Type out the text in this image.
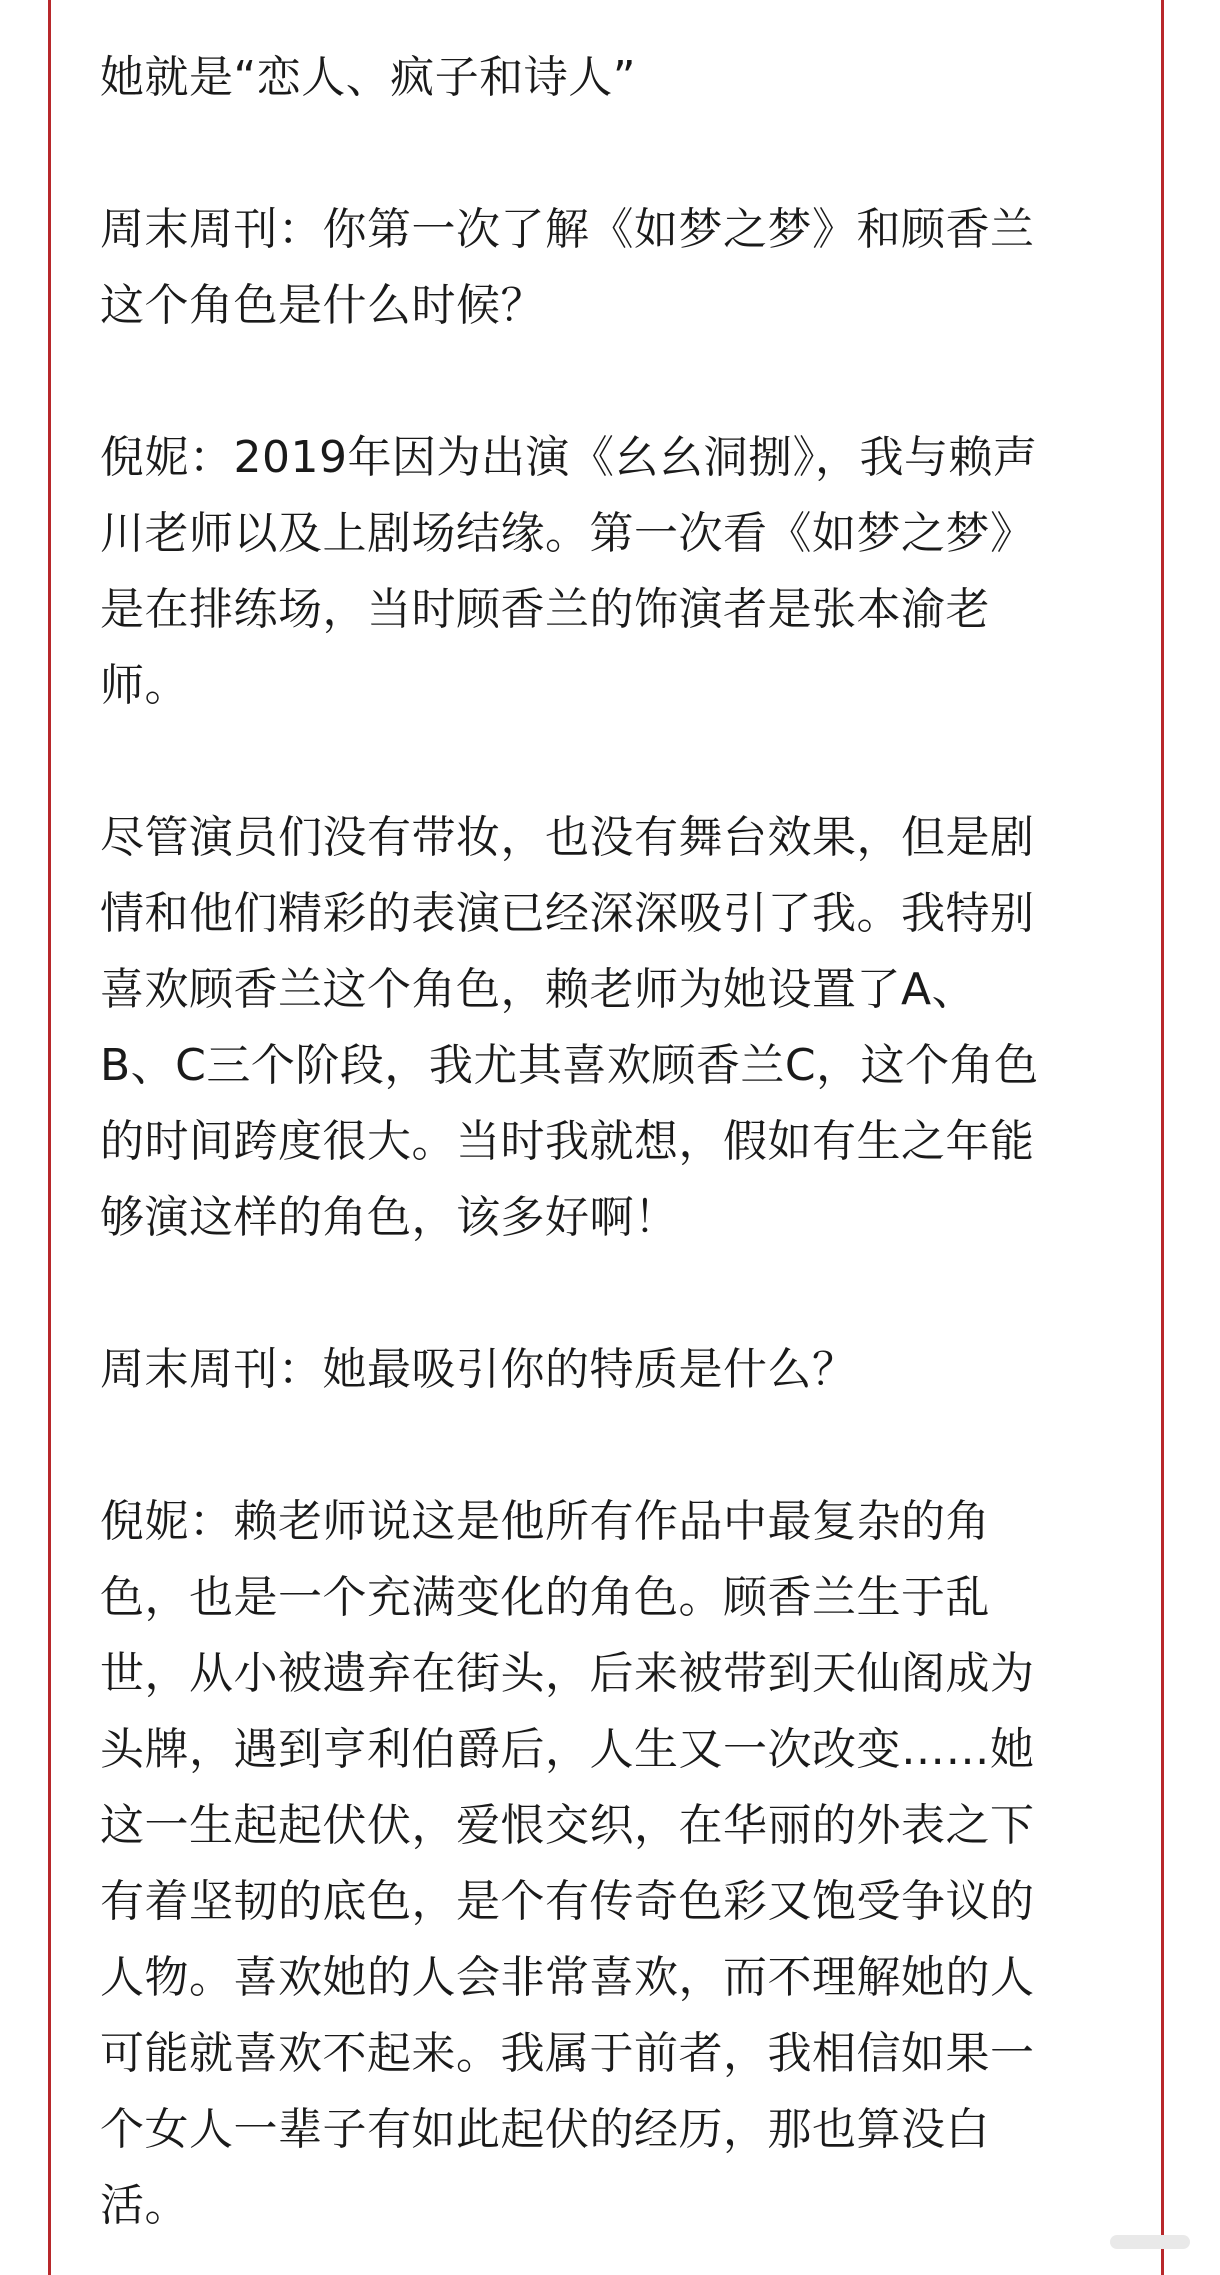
她就是“恋人、疯子和诗人”

周末周刊：你第一次了解《如梦之梦》和顾香兰
这个角色是什么时候？

倪妮：2019年因为出演《幺幺洞捌》，我与赖声
川老师以及上剧场结缘。第一次看《如梦之梦》
是在排练场，当时顾香兰的饰演者是张本渝老
师。

尽管演员们没有带妆，也没有舞台效果，但是剧
情和他们精彩的表演已经深深吸引了我。我特别
喜欢顾香兰这个角色，赖老师为她设置了A、
B、C三个阶段，我尤其喜欢顾香兰C，这个角色
的时间跨度很大。当时我就想，假如有生之年能
够演这样的角色，该多好啊！

周末周刊：她最吸引你的特质是什么？

倪妮：赖老师说这是他所有作品中最复杂的角
色，也是一个充满变化的角色。顾香兰生于乱
世，从小被遗弃在街头，后来被带到天仙阁成为
头牌，遇到亨利伯爵后，人生又一次改变……她
这一生起起伏伏，爱恨交织，在华丽的外表之下
有着坚韧的底色，是个有传奇色彩又饱受争议的
人物。喜欢她的人会非常喜欢，而不理解她的人
可能就喜欢不起来。我属于前者，我相信如果一
个女人一辈子有如此起伏的经历，那也算没白
活。
